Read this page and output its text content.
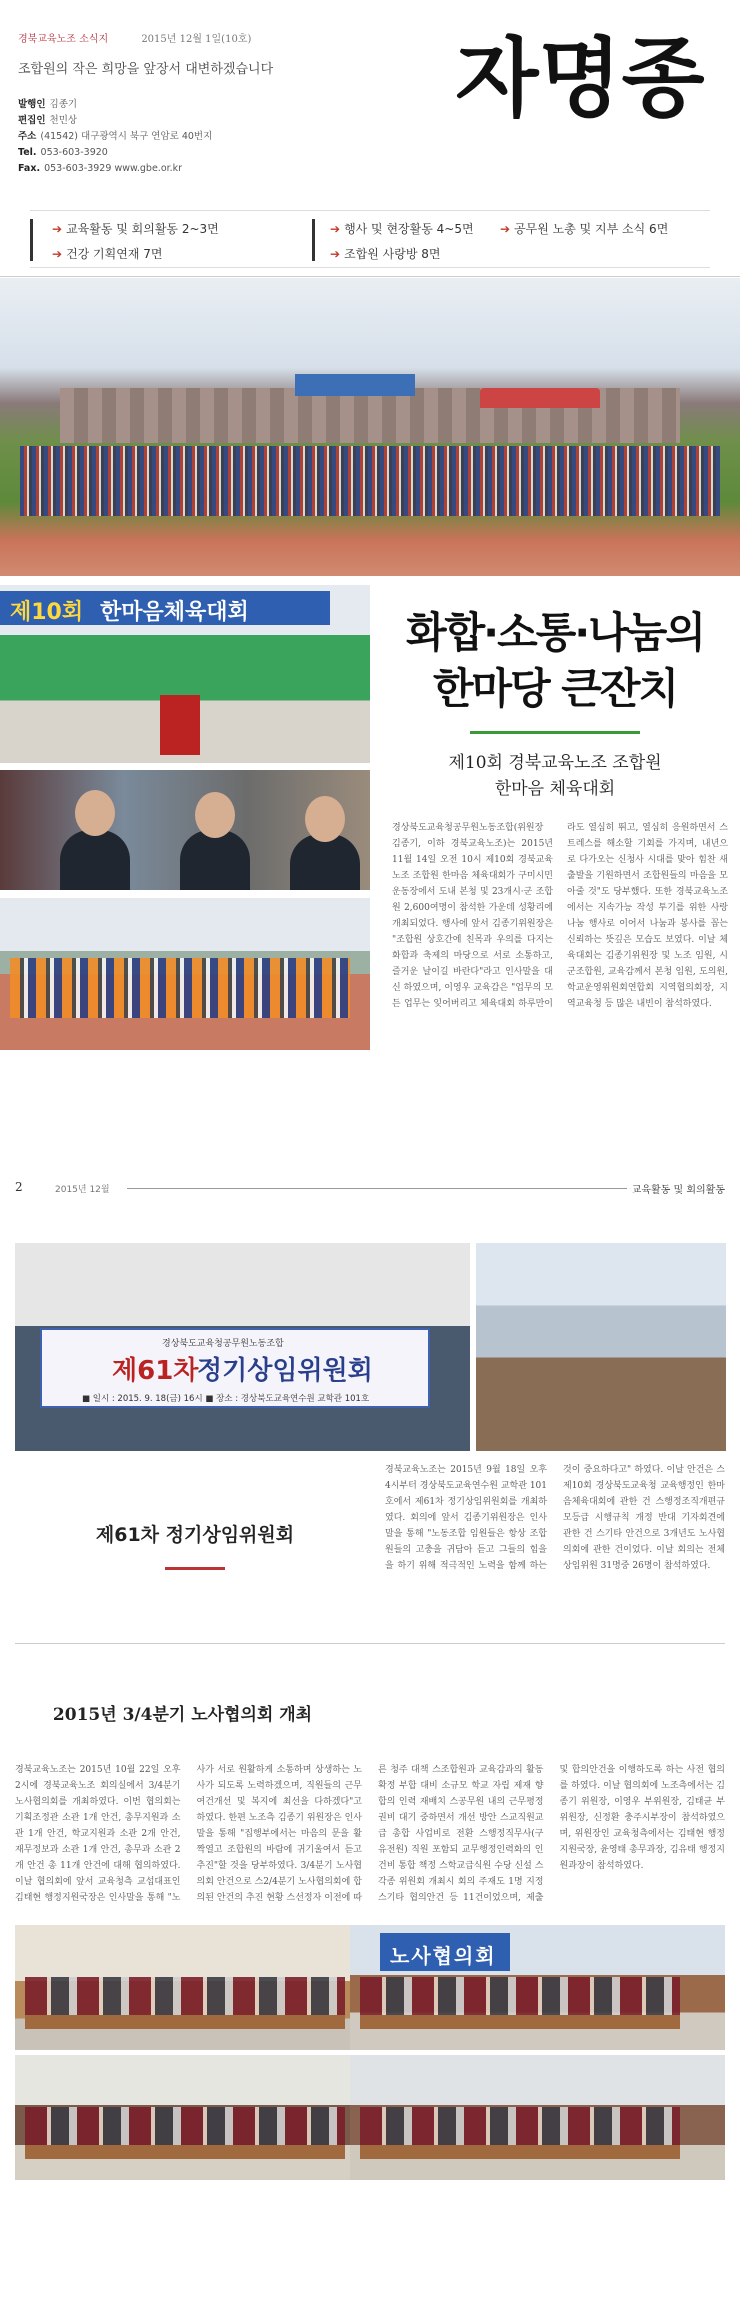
경북교육노조 소식지	2015년 12월 1일(10호)
조합원의 작은 희망을 앞장서 대변하겠습니다
발행인 김종기
편집인 천민상
주소 (41542) 대구광역시 북구 연암로 40번지
Tel. 053-603-3920
Fax. 053-603-3929 www.gbe.or.kr
자명종
➔ 교육활동 및 회의활동 2~3면
➔ 건강 기획연재 7면
➔ 행사 및 현장활동 4~5면
➔ 조합원 사랑방 8면
➔ 공무원 노총 및 지부 소식 6면
제10회 한마음체육대회	화합·소통·나눔의
한마당 큰잔치
제10회 경북교육노조 조합원
한마음 체육대회
경상북도교육청공무원노동조합(위원장 김종기, 이하 경북교육노조)는 2015년 11월 14일 오전 10시 제10회 경북교육노조 조합원 한마음 체육대회가 구미시민운동장에서 도내 본청 및 23개시·군 조합원 2,600여명이 참석한 가운데 성황리에 개최되었다. 행사에 앞서 김종기위원장은 "조합원 상호간에 친목과 우의를 다지는 화합과 축제의 마당으로 서로 소통하고, 즐거운 날이길 바란다"라고 인사말을 대신 하였으며, 이영우 교육감은 "업무의 모든 업무는 잊어버리고 체육대회 하루만이라도 열심히 뛰고, 열심히 응원하면서 스트레스를 해소할 기회를 가지며, 내년으로 다가오는 신청사 시대를 맞아 힘찬 새출발을 기원하면서 조합원들의 마음을 모아줄 것"도 당부했다. 또한 경북교육노조에서는 지속가능 작성 투기를 위한 사랑 나눔 행사로 이어서 나눔과 봉사를 꼽는 신뢰하는 뜻깊은 모습도 보였다. 이날 체육대회는 김종기위원장 및 노조 임원, 시군조합원, 교육감께서 본청 임원, 도의원, 학교운영위원회연합회 지역협의회장, 지역교육청 등 많은 내빈이 참석하였다.
2	2015년 12월	교육활동 및 회의활동
경상북도교육청공무원노동조합
제61차
정기상임위원회
■ 일시 : 2015. 9. 18(금) 16시 ■ 장소 : 경상북도교육연수원 교학관 101호
제61차 정기상임위원회
경북교육노조는 2015년 9월 18일 오후 4시부터 경상북도교육연수원 교학관 101호에서 제61차 정기상임위원회를 개최하였다. 회의에 앞서 김종기위원장은 인사말을 통해 "노동조합 임원들은 항상 조합원들의 고충을 귀담아 듣고 그들의 힘을 을 하기 위해 적극적인 노력을 함께 하는 것이 중요하다고" 하였다. 이날 안건은 스제10회 경상북도교육청 교육행정인 한마음체육대회에 관한 건 스행정조직개편규모등급 시행규칙 개정 반대 기자회견에 관한 건 스기타 안건으로 3개년도 노사협의회에 관한 건이었다. 이날 회의는 전체상임위원 31명중 26명이 참석하였다.
2015년 3/4분기 노사협의회 개최
경북교육노조는 2015년 10월 22일 오후2시에 경북교육노조 회의실에서 3/4분기 노사협의회를 개최하였다. 이번 협의회는 기획조정관 소관 1개 안건, 총무지원과 소관 1개 안건, 학교지원과 소관 2개 안건, 재무정보과 소관 1개 안건, 총무과 소관 2개 안건 총 11개 안건에 대해 협의하였다. 이날 협의회에 앞서 교육청측 교섭대표인 김태현 행정지원국장은 인사말을 통해 "노사가 서로 원활하게 소통하며 상생하는 노사가 되도록 노력하겠으며, 직원들의 근무여건개선 및 복지에 최선을 다하겠다"고 하였다. 한편 노조측 김종기 위원장은 인사말을 통해 "집행부에서는 마음의 문을 활짝열고 조합원의 바람에 귀기울여서 듣고 추진"할 것을 당부하였다. 3/4분기 노사협의회 안건으로 스2/4분기 노사협의회에 합의된 안건의 추진 현황 스선정자 이전에 따른 청주 대책 스조합원과 교육감과의 활동 확정 부합 대비 소규모 학교 자립 제재 향 합의 인력 재배치 스공무원 내의 근무평정 권비 대기 중하면서 개선 방안 스교직원교급 총합 사업비로 전환 스행정직무사(구 유전원) 직원 포함되 교무행정인력화의 인건비 통합 책정 스학교급식원 수당 신설 스각종 위원회 개최시 회의 주재도 1명 지정 스기타 협의안건 등 11건이었으며, 제출 및 합의안건을 이행하도록 하는 사전 협의를 하였다. 이날 협의회에 노조측에서는 김종기 위원장, 이영우 부위원장, 김태균 부위원장, 신정환 충주시부장이 참석하였으며, 위원장인 교육청측에서는 김태현 행정지원국장, 윤영태 총무과장, 김유태 행정지원과장이 참석하였다.
노사협의회
